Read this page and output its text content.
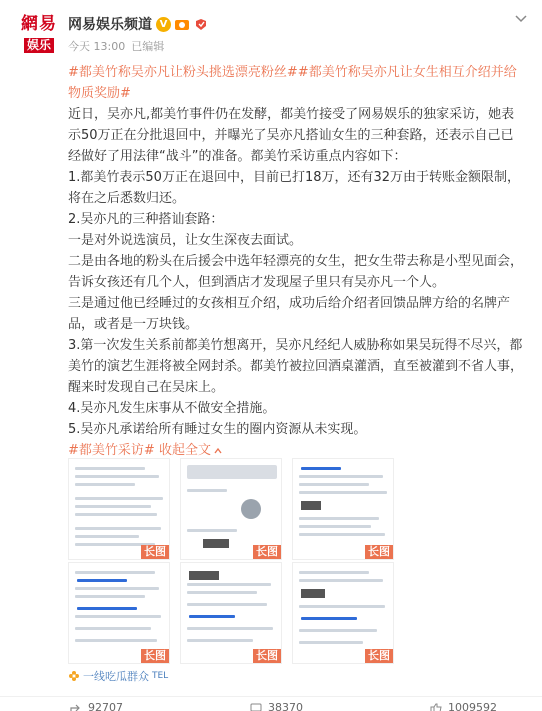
網易
娱乐
网易娱乐频道 V
今天 13:00 已编辑

#都美竹称吴亦凡让粉头挑选漂亮粉丝##都美竹称吴亦凡让女生相互介绍并给物质奖励#

近日，吴亦凡,都美竹事件仍在发酵，都美竹接受了网易娱乐的独家采访，她表示50万正在分批退回中，并曝光了吴亦凡搭讪女生的三种套路，还表示自己已经做好了用法律“战斗”的准备。都美竹采访重点内容如下：

1.都美竹表示50万正在退回中，目前已打18万，还有32万由于转账金额限制，将在之后悉数归还。

2.吴亦凡的三种搭讪套路：

一是对外说选演员，让女生深夜去面试。

二是由各地的粉头在后援会中选年轻漂亮的女生，把女生带去称是小型见面会，告诉女孩还有几个人，但到酒店才发现屋子里只有吴亦凡一个人。

三是通过他已经睡过的女孩相互介绍，成功后给介绍者回馈品牌方给的名牌产品，或者是一万块钱。

3.第一次发生关系前都美竹想离开，吴亦凡经纪人威胁称如果吴玩得不尽兴，都美竹的演艺生涯将被全网封杀。都美竹被拉回酒桌灌酒，直至被灌到不省人事，醒来时发现自己在吴床上。

4.吴亦凡发生床事从不做安全措施。

5.吴亦凡承诺给所有睡过女生的圈内资源从未实现。

#都美竹采访# 收起全文

长图	长图	长图
长图	长图	长图
一线吃瓜群众 TEL
92707	38370	1009592
